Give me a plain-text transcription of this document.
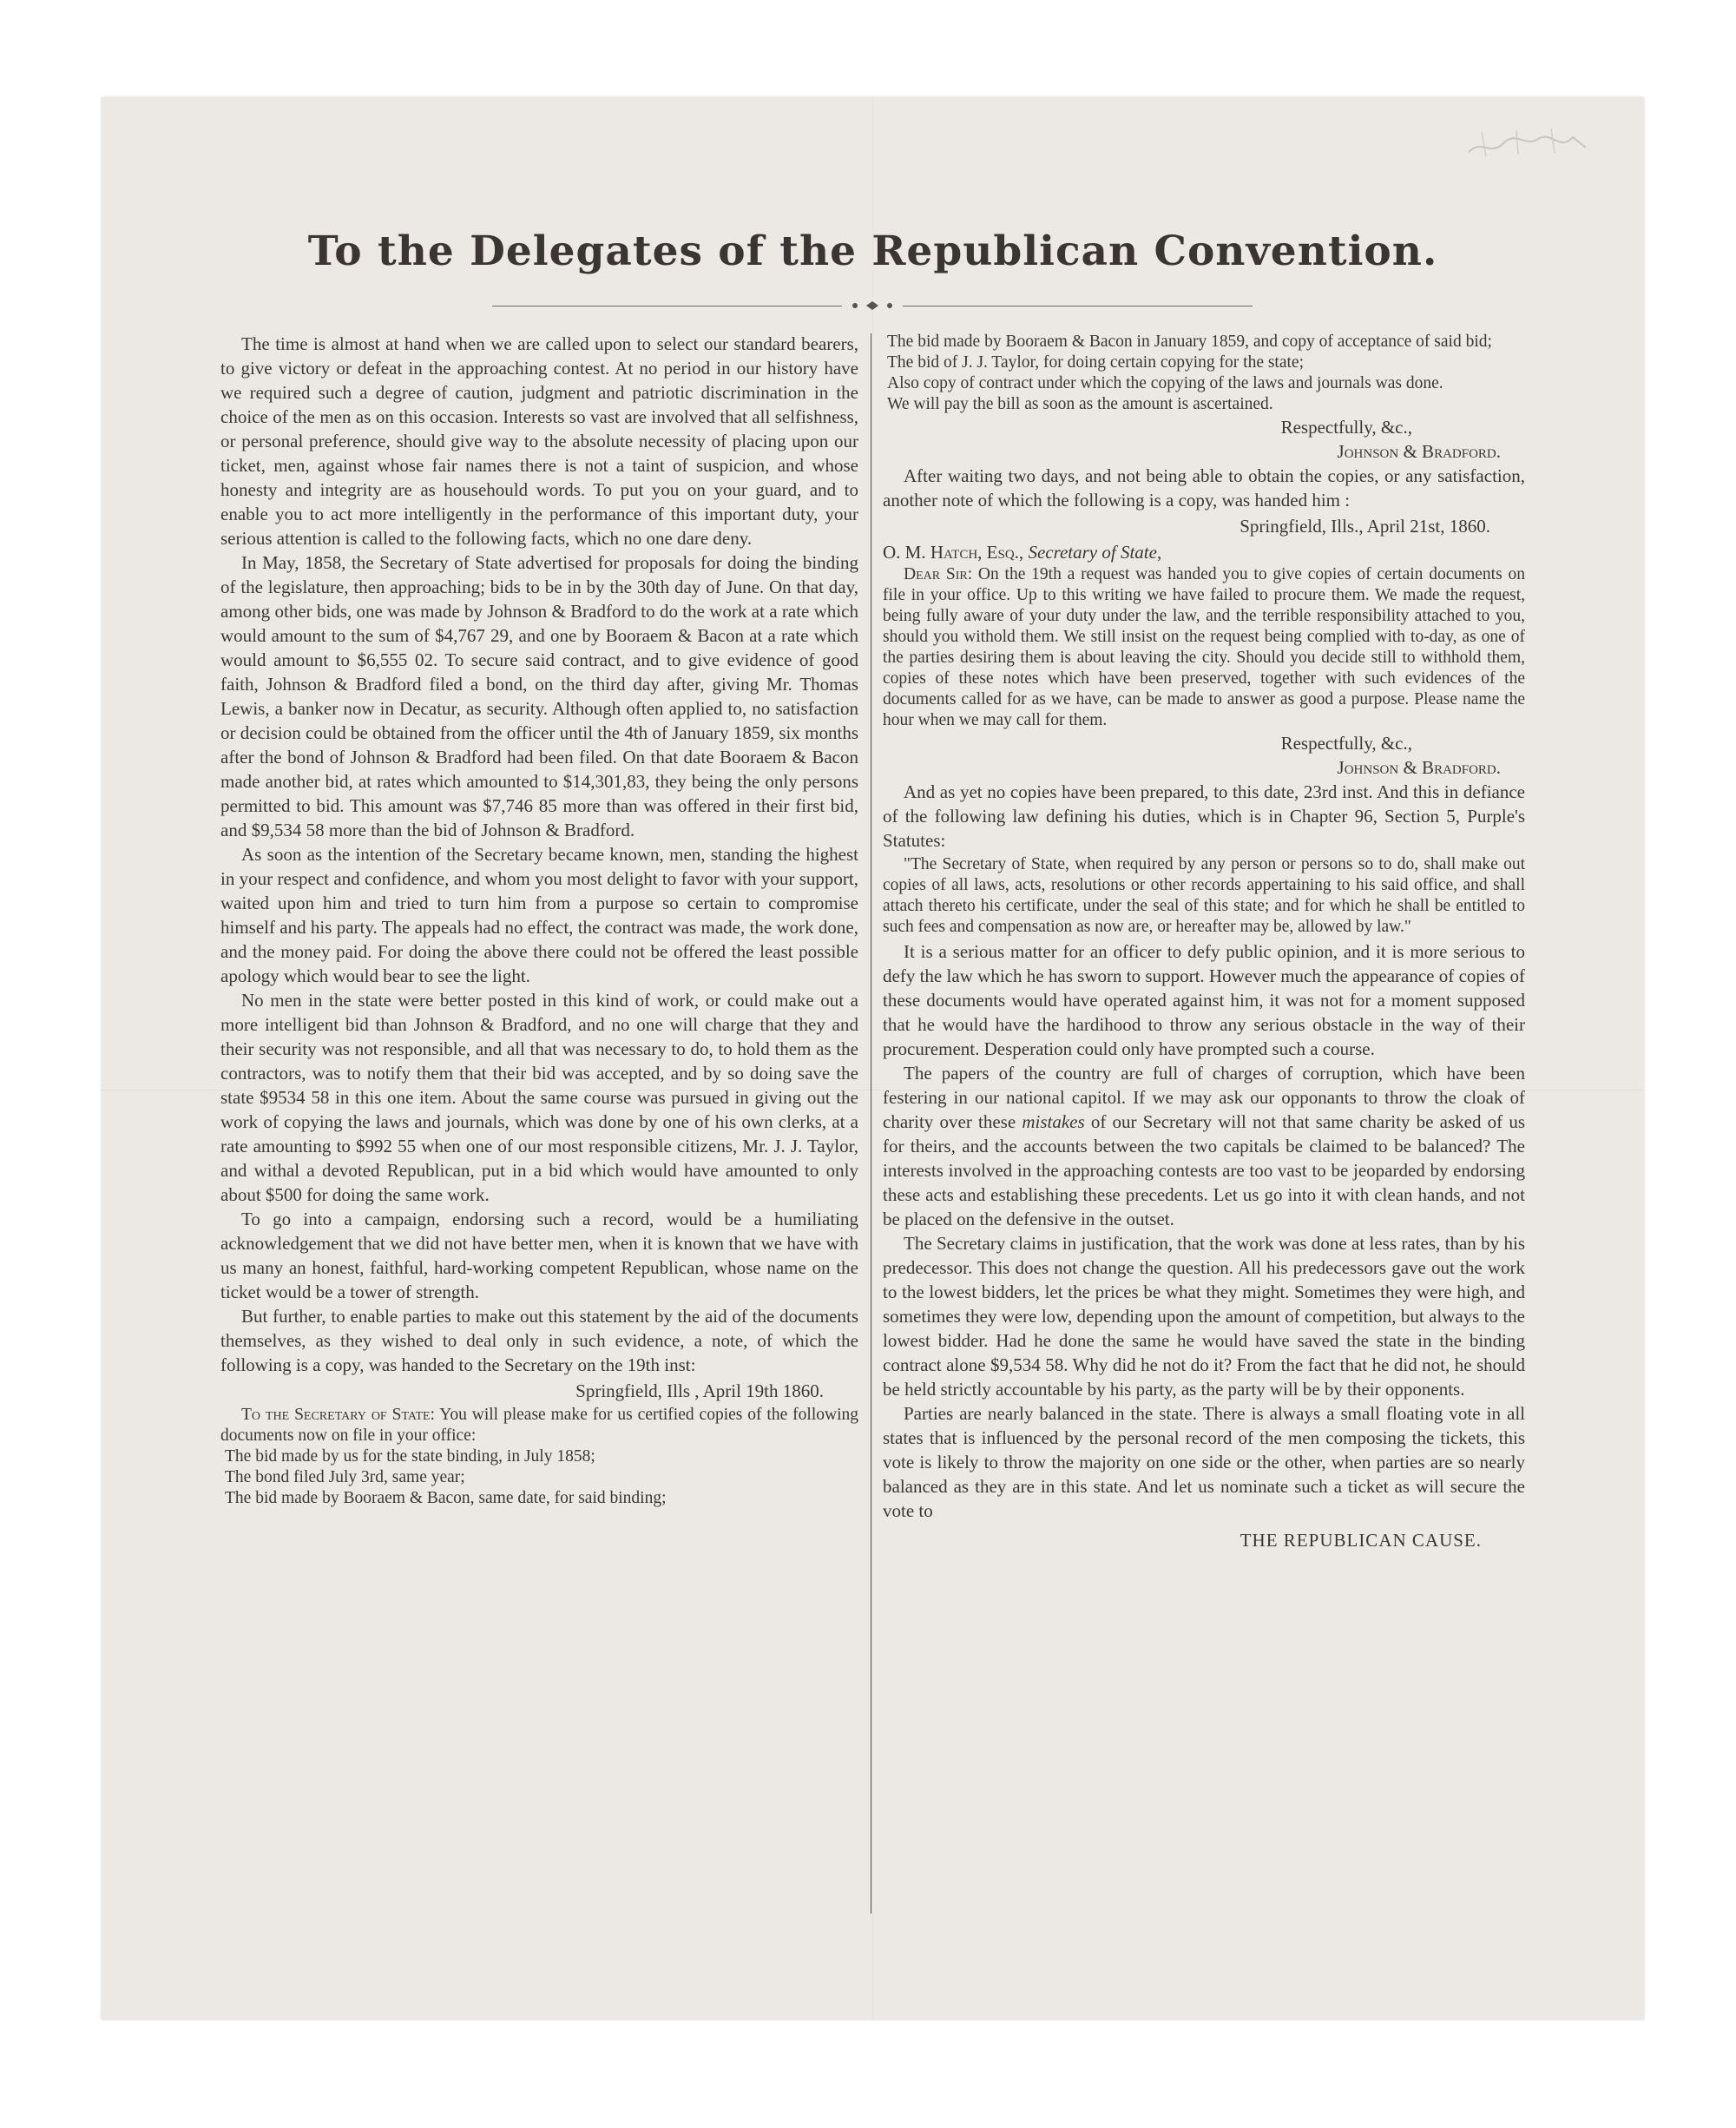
To the Delegates of the Republican Convention.

The time is almost at hand when we are called upon to select our standard bearers, to give victory or defeat in the approaching contest. At no period in our history have we required such a degree of caution, judgment and patriotic discrimination in the choice of the men as on this occasion. Interests so vast are involved that all selfishness, or personal preference, should give way to the absolute necessity of placing upon our ticket, men, against whose fair names there is not a taint of suspicion, and whose honesty and integrity are as househould words. To put you on your guard, and to enable you to act more intelligently in the performance of this important duty, your serious attention is called to the following facts, which no one dare deny.

In May, 1858, the Secretary of State advertised for proposals for doing the binding of the legislature, then approaching; bids to be in by the 30th day of June. On that day, among other bids, one was made by Johnson & Bradford to do the work at a rate which would amount to the sum of $4,767 29, and one by Booraem & Bacon at a rate which would amount to $6,555 02. To secure said contract, and to give evidence of good faith, Johnson & Bradford filed a bond, on the third day after, giving Mr. Thomas Lewis, a banker now in Decatur, as security. Although often applied to, no satisfaction or decision could be obtained from the officer until the 4th of January 1859, six months after the bond of Johnson & Bradford had been filed. On that date Booraem & Bacon made another bid, at rates which amounted to $14,301,83, they being the only persons permitted to bid. This amount was $7,746 85 more than was offered in their first bid, and $9,534 58 more than the bid of Johnson & Bradford.

As soon as the intention of the Secretary became known, men, standing the highest in your respect and confidence, and whom you most delight to favor with your support, waited upon him and tried to turn him from a purpose so certain to compromise himself and his party. The appeals had no effect, the contract was made, the work done, and the money paid. For doing the above there could not be offered the least possible apology which would bear to see the light.

No men in the state were better posted in this kind of work, or could make out a more intelligent bid than Johnson & Bradford, and no one will charge that they and their security was not responsible, and all that was necessary to do, to hold them as the contractors, was to notify them that their bid was accepted, and by so doing save the state $9534 58 in this one item. About the same course was pursued in giving out the work of copying the laws and journals, which was done by one of his own clerks, at a rate amounting to $992 55 when one of our most responsible citizens, Mr. J. J. Taylor, and withal a devoted Republican, put in a bid which would have amounted to only about $500 for doing the same work.

To go into a campaign, endorsing such a record, would be a humiliating acknowledgement that we did not have better men, when it is known that we have with us many an honest, faithful, hard-working competent Republican, whose name on the ticket would be a tower of strength.

But further, to enable parties to make out this statement by the aid of the documents themselves, as they wished to deal only in such evidence, a note, of which the following is a copy, was handed to the Secretary on the 19th inst:

Springfield, Ills , April 19th 1860.

To the Secretary of State: You will please make for us certified copies of the following documents now on file in your office:

The bid made by us for the state binding, in July 1858;

The bond filed July 3rd, same year;

The bid made by Booraem & Bacon, same date, for said binding;

The bid made by Booraem & Bacon in January 1859, and copy of acceptance of said bid;

The bid of J. J. Taylor, for doing certain copying for the state;

Also copy of contract under which the copying of the laws and journals was done.

We will pay the bill as soon as the amount is ascertained.

Respectfully, &c.,

Johnson & Bradford.

After waiting two days, and not being able to obtain the copies, or any satisfaction, another note of which the following is a copy, was handed him :

Springfield, Ills., April 21st, 1860.

O. M. Hatch, Esq., Secretary of State,

Dear Sir: On the 19th a request was handed you to give copies of certain documents on file in your office. Up to this writing we have failed to procure them. We made the request, being fully aware of your duty under the law, and the terrible responsibility attached to you, should you withold them. We still insist on the request being complied with to-day, as one of the parties desiring them is about leaving the city. Should you decide still to withhold them, copies of these notes which have been preserved, together with such evidences of the documents called for as we have, can be made to answer as good a purpose. Please name the hour when we may call for them.

Respectfully, &c.,

Johnson & Bradford.

And as yet no copies have been prepared, to this date, 23rd inst. And this in defiance of the following law defining his duties, which is in Chapter 96, Section 5, Purple's Statutes:

"The Secretary of State, when required by any person or persons so to do, shall make out copies of all laws, acts, resolutions or other records appertaining to his said office, and shall attach thereto his certificate, under the seal of this state; and for which he shall be entitled to such fees and compensation as now are, or hereafter may be, allowed by law."

It is a serious matter for an officer to defy public opinion, and it is more serious to defy the law which he has sworn to support. However much the appearance of copies of these documents would have operated against him, it was not for a moment supposed that he would have the hardihood to throw any serious obstacle in the way of their procurement. Desperation could only have prompted such a course.

The papers of the country are full of charges of corruption, which have been festering in our national capitol. If we may ask our opponants to throw the cloak of charity over these mistakes of our Secretary will not that same charity be asked of us for theirs, and the accounts between the two capitals be claimed to be balanced? The interests involved in the approaching contests are too vast to be jeoparded by endorsing these acts and establishing these precedents. Let us go into it with clean hands, and not be placed on the defensive in the outset.

The Secretary claims in justification, that the work was done at less rates, than by his predecessor. This does not change the question. All his predecessors gave out the work to the lowest bidders, let the prices be what they might. Sometimes they were high, and sometimes they were low, depending upon the amount of competition, but always to the lowest bidder. Had he done the same he would have saved the state in the binding contract alone $9,534 58. Why did he not do it? From the fact that he did not, he should be held strictly accountable by his party, as the party will be by their opponents.

Parties are nearly balanced in the state. There is always a small floating vote in all states that is influenced by the personal record of the men composing the tickets, this vote is likely to throw the majority on one side or the other, when parties are so nearly balanced as they are in this state. And let us nominate such a ticket as will secure the vote to

THE REPUBLICAN CAUSE.
